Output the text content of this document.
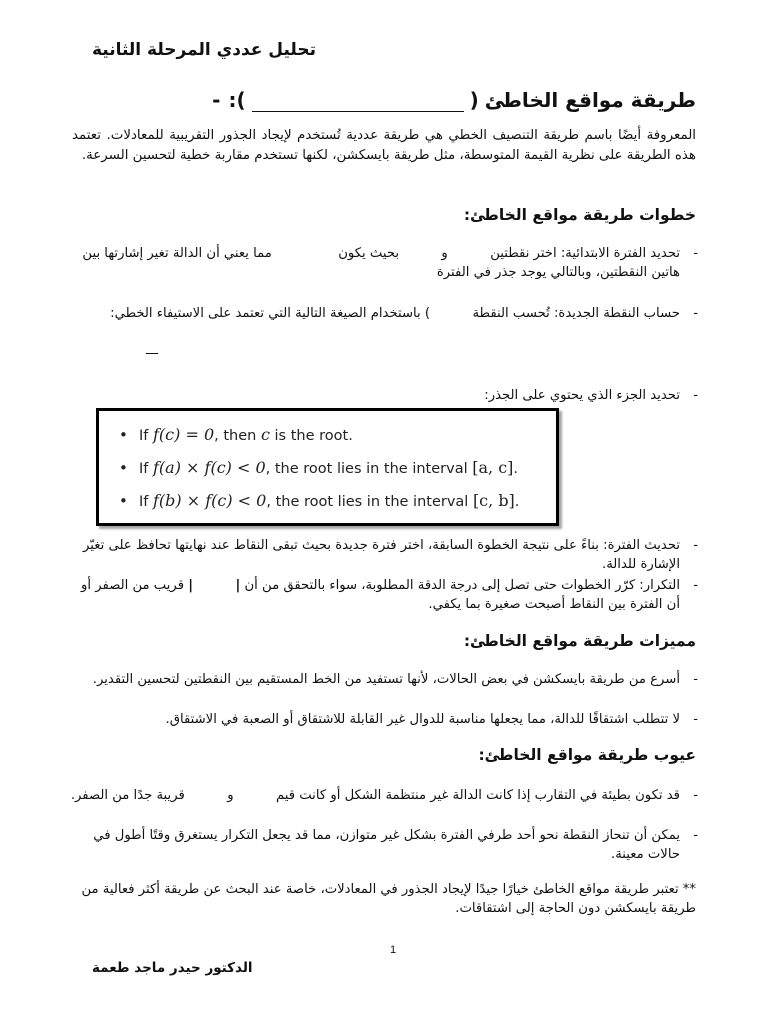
تحليل عددي المرحلة الثانية
طريقة مواقع الخاطئ
(
):
-
المعروفة أيضًا باسم طريقة التنصيف الخطي هي طريقة عددية تُستخدم لإيجاد الجذور التقريبية للمعادلات. تعتمد هذه الطريقة على نظرية القيمة المتوسطة، مثل طريقة بايسكشن، لكنها تستخدم مقاربة خطية لتحسين السرعة.
خطوات طريقة مواقع الخاطئ:
-
تحديد الفترة الابتدائية: اختر نقطتين  و  بحيث يكون  مما يعني أن الدالة تغير إشارتها بين هاتين النقطتين، وبالتالي يوجد جذر في الفترة
-
حساب النقطة الجديدة: تُحسب النقطة  ) باستخدام الصيغة التالية التي تعتمد على الاستيفاء الخطي:
-
تحديد الجزء الذي يحتوي على الجذر:
• If f(c) = 0, then c is the root.
• If f(a) × f(c) < 0, the root lies in the interval [a, c].
• If f(b) × f(c) < 0, the root lies in the interval [c, b].
-
تحديث الفترة: بناءً على نتيجة الخطوة السابقة، اختر فترة جديدة بحيث تبقى النقاط عند نهايتها تحافظ على تغيّر الإشارة للدالة.
-
التكرار: كرّر الخطوات حتى تصل إلى درجة الدقة المطلوبة، سواء بالتحقق من أن |  | قريب من الصفر أو أن الفترة بين النقاط أصبحت صغيرة بما يكفي.
مميزات طريقة مواقع الخاطئ:
-
أسرع من طريقة بايسكشن في بعض الحالات، لأنها تستفيد من الخط المستقيم بين النقطتين لتحسين التقدير.
-
لا تتطلب اشتقاقًا للدالة، مما يجعلها مناسبة للدوال غير القابلة للاشتقاق أو الصعبة في الاشتقاق.
عيوب طريقة مواقع الخاطئ:
-
قد تكون بطيئة في التقارب إذا كانت الدالة غير منتظمة الشكل أو كانت قيم  و  قريبة جدًا من الصفر.
-
يمكن أن تنحاز النقطة نحو أحد طرفي الفترة بشكل غير متوازن، مما قد يجعل التكرار يستغرق وقتًا أطول في حالات معينة.
** تعتبر طريقة مواقع الخاطئ خيارًا جيدًا لإيجاد الجذور في المعادلات، خاصة عند البحث عن طريقة أكثر فعالية من طريقة بايسكشن دون الحاجة إلى اشتقاقات.
1
الدكتور حيدر ماجد طعمة
